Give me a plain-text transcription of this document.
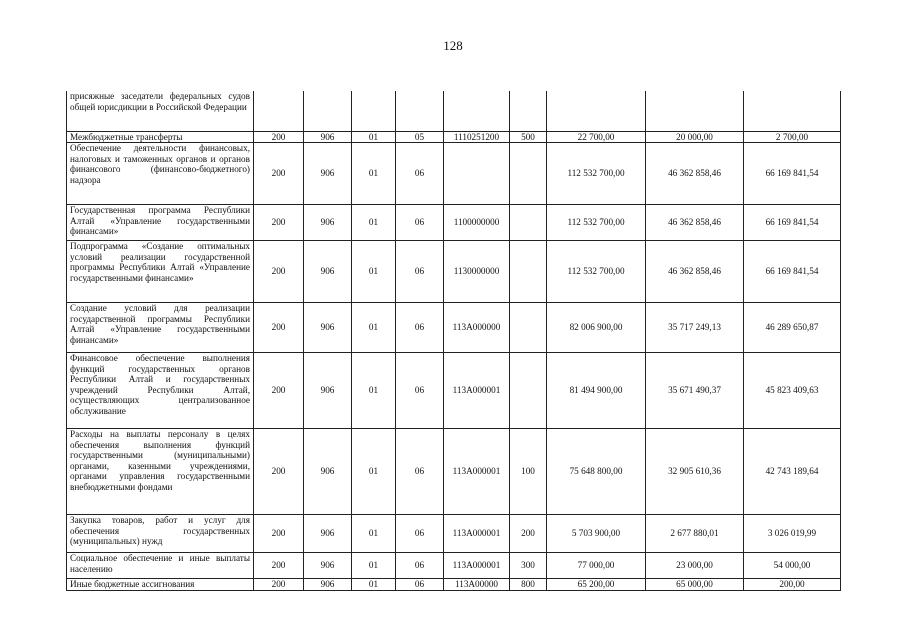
128
присяжные заседатели федеральных судов общей юрисдикции в Российской Федерации									
Межбюджетные трансферты	200	906	01	05	1110251200	500	22 700,00	20 000,00	2 700,00
Обеспечение деятельности финансовых, налоговых и таможенных органов и органов финансового (финансово-бюджетного) надзора	200	906	01	06			112 532 700,00	46 362 858,46	66 169 841,54
Государственная программа Республики Алтай «Управление государственными финансами»	200	906	01	06	1100000000		112 532 700,00	46 362 858,46	66 169 841,54
Подпрограмма «Создание оптимальных условий реализации государственной программы Республики Алтай «Управление государственными финансами»	200	906	01	06	1130000000		112 532 700,00	46 362 858,46	66 169 841,54
Создание условий для реализации государственной программы Республики Алтай «Управление государственными финансами»	200	906	01	06	113А000000		82 006 900,00	35 717 249,13	46 289 650,87
Финансовое обеспечение выполнения функций государственных органов Республики Алтай и государственных учреждений Республики Алтай, осуществляющих централизованное обслуживание	200	906	01	06	113А000001		81 494 900,00	35 671 490,37	45 823 409,63
Расходы на выплаты персоналу в целях обеспечения выполнения функций государственными (муниципальными) органами, казенными учреждениями, органами управления государственными внебюджетными фондами	200	906	01	06	113А000001	100	75 648 800,00	32 905 610,36	42 743 189,64
Закупка товаров, работ и услуг для обеспечения государственных (муниципальных) нужд	200	906	01	06	113А000001	200	5 703 900,00	2 677 880,01	3 026 019,99
Социальное обеспечение и иные выплаты населению	200	906	01	06	113А000001	300	77 000,00	23 000,00	54 000,00
Иные бюджетные ассигнования	200	906	01	06	113А00000	800	65 200,00	65 000,00	200,00
